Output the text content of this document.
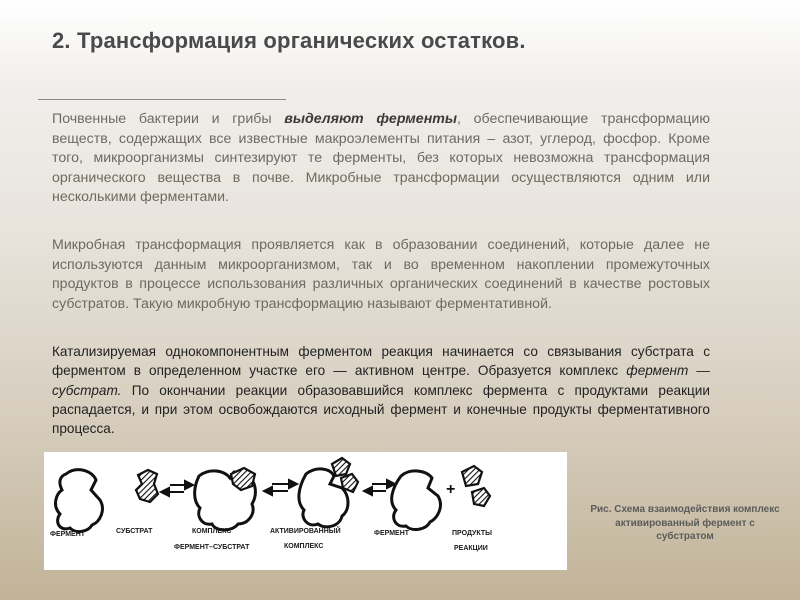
2. Трансформация органических остатков.

Почвенные бактерии и грибы выделяют ферменты, обеспечивающие трансформацию веществ, содержащих все известные макроэлементы питания – азот, углерод, фосфор. Кроме того, микроорганизмы синтезируют те ферменты, без которых невозможна трансформация органического вещества в почве. Микробные трансформации осуществляются одним или несколькими ферментами.

Микробная трансформация проявляется как в образовании соединений, которые далее не используются данным микроорганизмом, так и во временном накоплении промежуточных продуктов в процессе использования различных органических соединений в качестве ростовых субстратов. Такую микробную трансформацию называют ферментативной.

Катализируемая однокомпонентным ферментом реакция начинается со связывания субстрата с ферментом в определенном участке его — активном центре. Образуется комплекс фермент — субстрат. По окончании реакции образовавшийся комплекс фермента с продуктами реакции распадается, и при этом освобождаются исходный фермент и конечные продукты ферментативного процесса.

+
ФЕРМЕНТ	СУБСТРАТ	КОМПЛЕКС
ФЕРМЕНТ–СУБСТРАТ
АКТИВИРОВАННЫЙ
КОМПЛЕКС
ФЕРМЕНТ	ПРОДУКТЫ
РЕАКЦИИ

Рис. Схема взаимодействия комплекс активированный фермент с субстратом
